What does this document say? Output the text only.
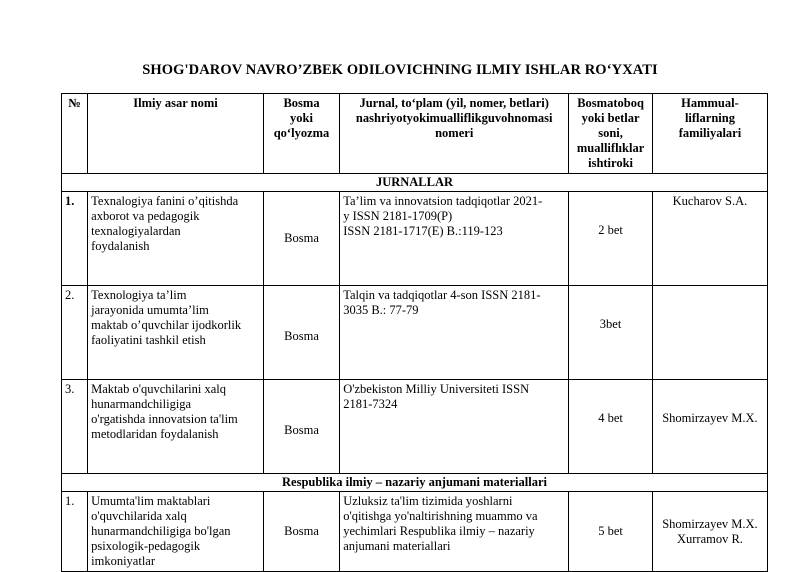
SHOG'DAROV NAVRO’ZBEK ODILOVICHNING ILMIY ISHLAR RO‘YXATI
№	Ilmiy asar nomi	Bosma
yoki
qo‘lyozma	Jurnal, to‘plam (yil, nomer, betlari)
nashriyotyokimualliflikguvohnomasi
nomeri	Bosmatoboq
yoki betlar
soni,
mualliflıklar
ishtiroki	Hammual-
liflarning
familiyalari

JURNALLAR					
1.	Texnalogiya fanini o’qitishda
axborot va pedagogik
texnalogiyalardan
foydalanish	Bosma	Ta’lim va innovatsion tadqiqotlar 2021-
y ISSN 2181-1709(P)
ISSN 2181-1717(E) B.:119-123	2 bet	Kucharov S.A.

2.	Texnologiya ta’lim
jarayonida umumta’lim
maktab o’quvchilar ijodkorlik
faoliyatini tashkil etish	Bosma	Talqin va tadqiqotlar 4-son ISSN 2181-
3035 B.: 77-79	3bet	
3.	Maktab o'quvchilarini xalq
hunarmandchiligiga
o'rgatishda innovatsion ta'lim
metodlaridan foydalanish	Bosma	O'zbekiston Milliy Universiteti ISSN
2181-7324	4 bet	Shomirzayev M.X.

Respublika ilmiy – nazariy anjumani materiallari					
1.	Umumta'lim maktablari
o'quvchilarida xalq
hunarmandchiligiga bo'lgan
psixologik-pedagogik
imkoniyatlar	Bosma	Uzluksiz ta'lim tizimida yoshlarni
o'qitishga yo'naltirishning muammo va
yechimlari Respublika ilmiy – nazariy
anjumani materiallari	5 bet	Shomirzayev M.X.
Xurramov R.
